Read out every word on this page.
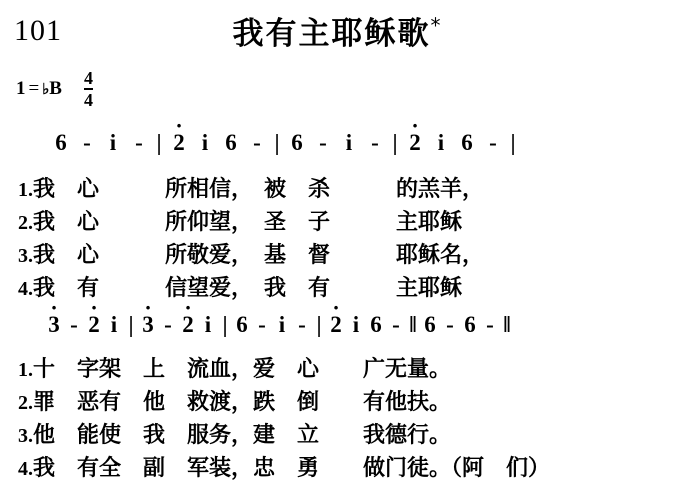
101	我有主耶稣歌*
1 = ♭ B $\frac{4}{4}$
6 - i - | · 2 i 6 - | 6 - i - | · 2 i 6 - |
1.我　心　　　所相信，　被　杀　　　的羔羊，
2.我　心　　　所仰望，　圣　子　　　主耶稣
3.我　心　　　所敬爱，　基　督　　　耶稣名，
4.我　有　　　信望爱，　我　有　　　主耶稣
· 3 - · 2 i | · 3 - · 2 i | 6 - i - | · 2 i 6 - ‖ 6 - 6 - ‖
1.十　字架　上　流血，爱　心　　广无量。
2.罪　恶有　他　救渡，跌　倒　　有他扶。
3.他　能使　我　服务，建　立　　我德行。
4.我　有全　副　军装，忠　勇　　做门徒。（阿　们）
